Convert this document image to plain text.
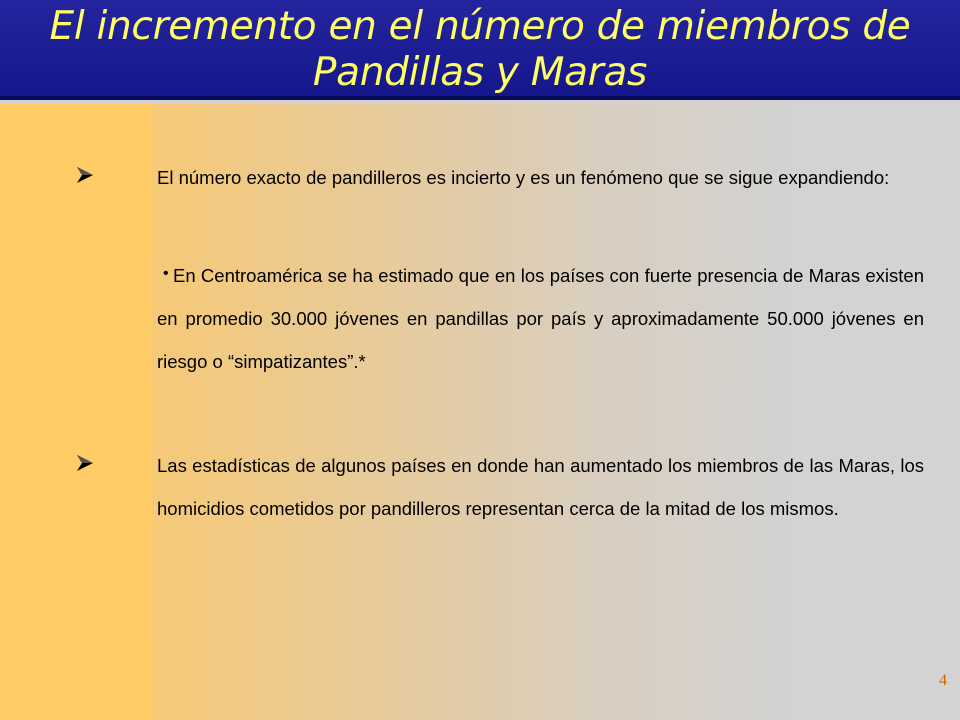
El incremento en el número de miembros de
Pandillas y Maras

El número exacto de pandilleros es incierto y es un fenómeno que se sigue expandiendo:

• En Centroamérica se ha estimado que en los países con fuerte presencia de Maras existen en promedio 30.000 jóvenes en pandillas por país y aproximadamente 50.000 jóvenes en riesgo o “simpatizantes”.*

Las estadísticas de algunos países en donde han aumentado los miembros de las Maras, los homicidios cometidos por pandilleros representan cerca de la mitad de los mismos.

4
